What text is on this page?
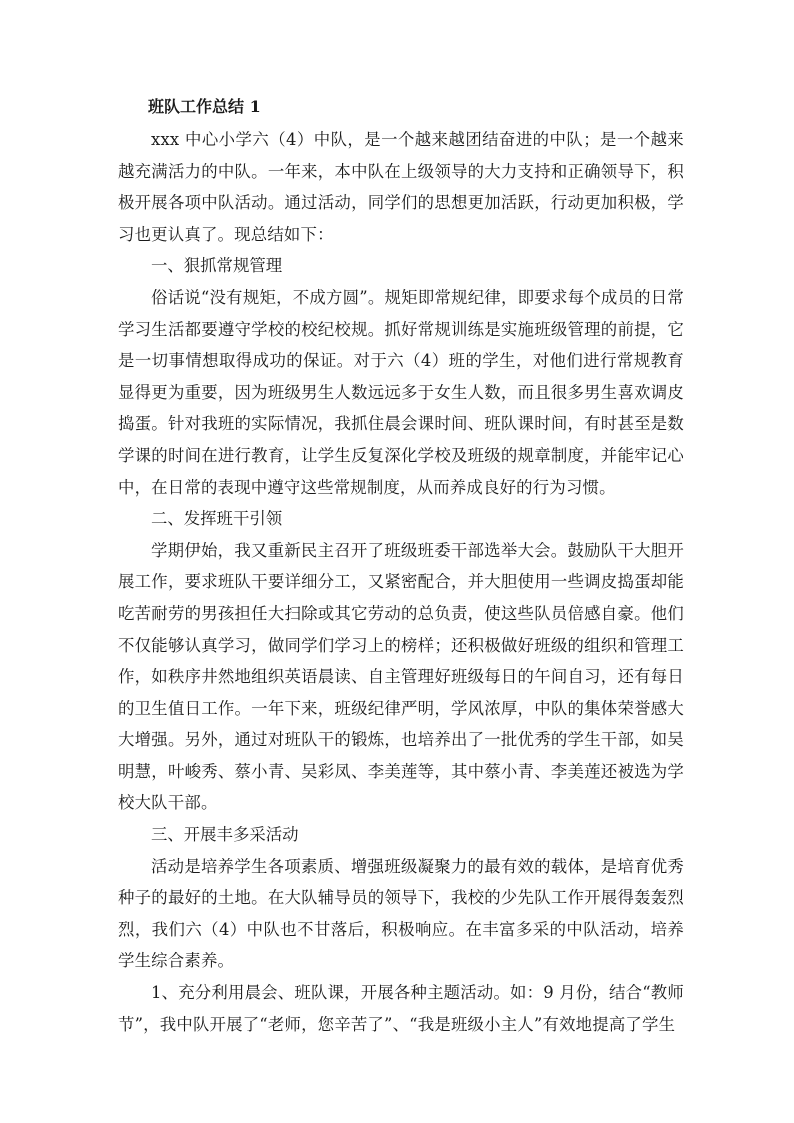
班队工作总结 1

xxx 中心小学六（4）中队，是一个越来越团结奋进的中队；是一个越来越充满活力的中队。一年来，本中队在上级领导的大力支持和正确领导下，积极开展各项中队活动。通过活动，同学们的思想更加活跃，行动更加积极，学习也更认真了。现总结如下：

一、狠抓常规管理

俗话说“没有规矩，不成方圆”。规矩即常规纪律，即要求每个成员的日常学习生活都要遵守学校的校纪校规。抓好常规训练是实施班级管理的前提，它是一切事情想取得成功的保证。对于六（4）班的学生，对他们进行常规教育显得更为重要，因为班级男生人数远远多于女生人数，而且很多男生喜欢调皮捣蛋。针对我班的实际情况，我抓住晨会课时间、班队课时间，有时甚至是数学课的时间在进行教育，让学生反复深化学校及班级的规章制度，并能牢记心中，在日常的表现中遵守这些常规制度，从而养成良好的行为习惯。

二、发挥班干引领

学期伊始，我又重新民主召开了班级班委干部选举大会。鼓励队干大胆开展工作，要求班队干要详细分工，又紧密配合，并大胆使用一些调皮捣蛋却能吃苦耐劳的男孩担任大扫除或其它劳动的总负责，使这些队员倍感自豪。他们不仅能够认真学习，做同学们学习上的榜样；还积极做好班级的组织和管理工作，如秩序井然地组织英语晨读、自主管理好班级每日的午间自习，还有每日的卫生值日工作。一年下来，班级纪律严明，学风浓厚，中队的集体荣誉感大大增强。另外，通过对班队干的锻炼，也培养出了一批优秀的学生干部，如吴明慧，叶峻秀、蔡小青、吴彩凤、李美莲等，其中蔡小青、李美莲还被选为学校大队干部。

三、开展丰多采活动

活动是培养学生各项素质、增强班级凝聚力的最有效的载体，是培育优秀种子的最好的土地。在大队辅导员的领导下，我校的少先队工作开展得轰轰烈烈，我们六（4）中队也不甘落后，积极响应。在丰富多采的中队活动，培养学生综合素养。

1、充分利用晨会、班队课，开展各种主题活动。如：9 月份，结合“教师节”，我中队开展了“老师，您辛苦了”、“我是班级小主人”有效地提高了学生
